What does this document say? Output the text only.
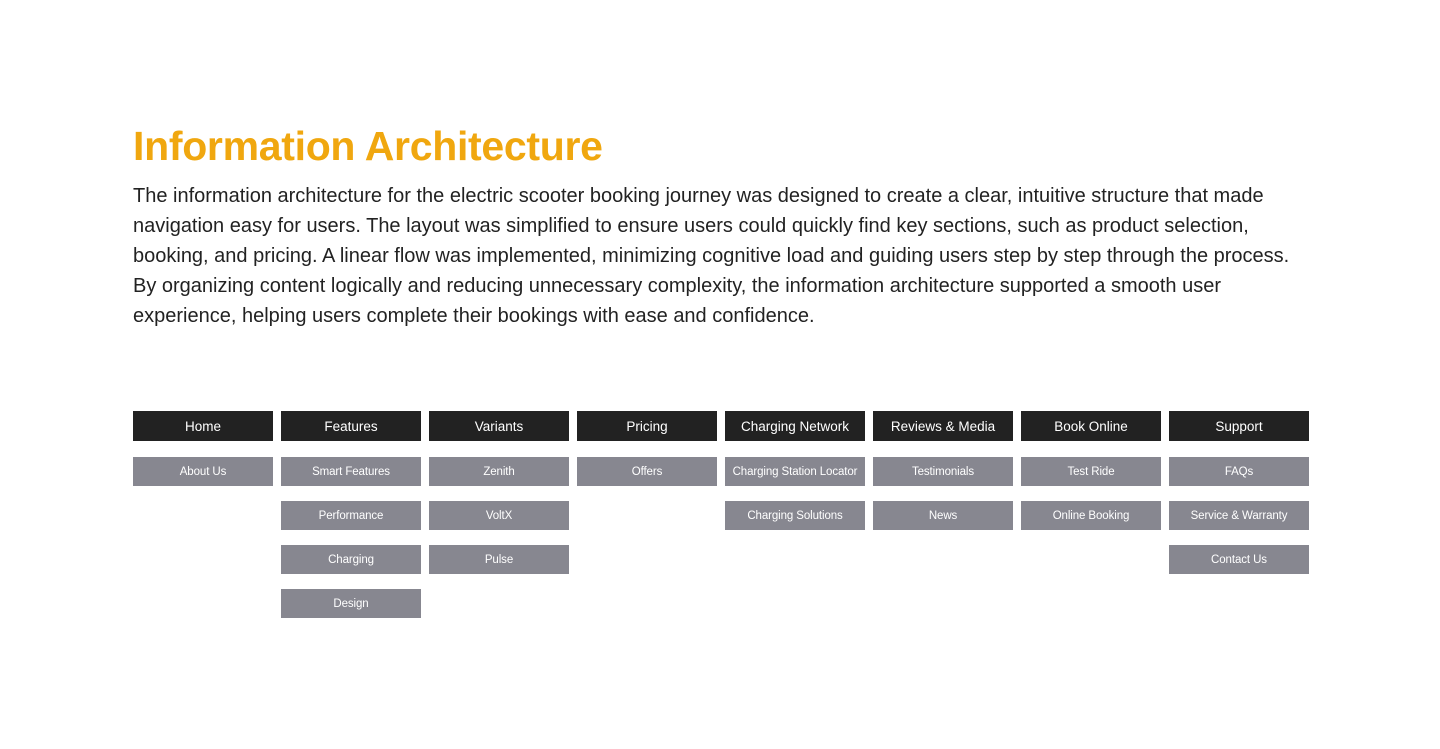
Information Architecture

The information architecture for the electric scooter booking journey was designed to create a clear, intuitive structure that made navigation easy for users. The layout was simplified to ensure users could quickly find key sections, such as product selection, booking, and pricing. A linear flow was implemented, minimizing cognitive load and guiding users step by step through the process. By organizing content logically and reducing unnecessary complexity, the information architecture supported a smooth user experience, helping users complete their bookings with ease and confidence.

Home
About Us
Features
Smart Features
Performance
Charging
Design
Variants
Zenith
VoltX
Pulse
Pricing
Offers
Charging Network
Charging Station Locator
Charging Solutions
Reviews & Media
Testimonials
News
Book Online
Test Ride
Online Booking
Support
FAQs
Service & Warranty
Contact Us
